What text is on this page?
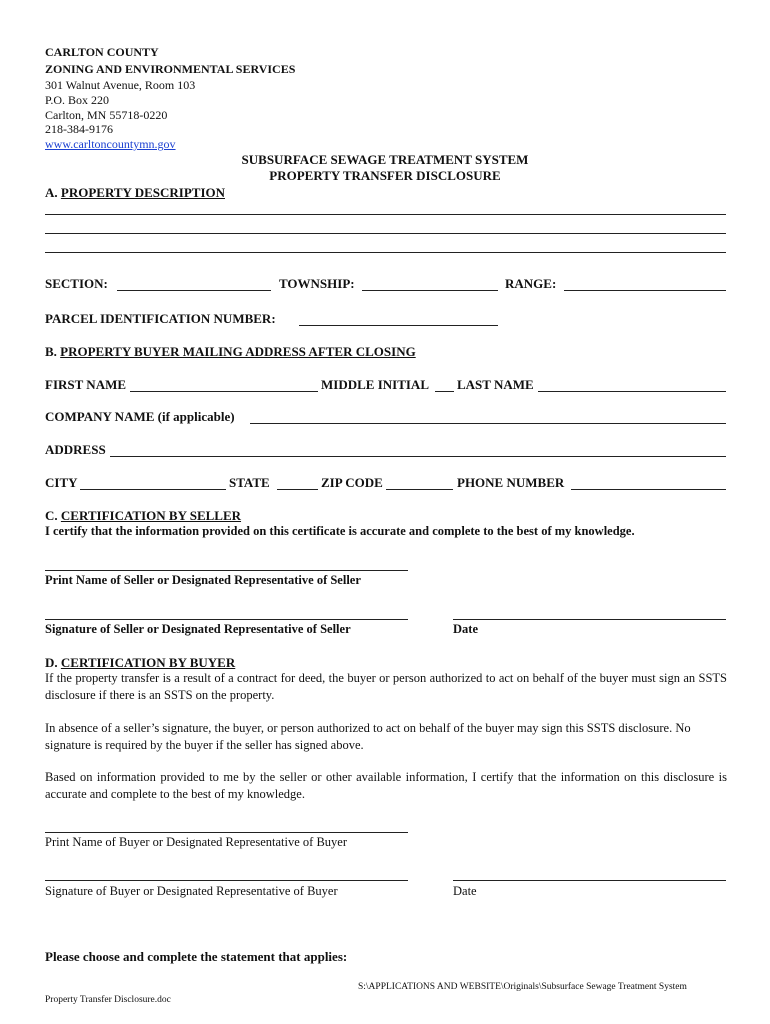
CARLTON COUNTY
ZONING AND ENVIRONMENTAL SERVICES
301 Walnut Avenue, Room 103
P.O. Box 220
Carlton, MN 55718-0220
218-384-9176
www.carltoncountymn.gov
SUBSURFACE SEWAGE TREATMENT SYSTEM
PROPERTY TRANSFER DISCLOSURE
A. PROPERTY DESCRIPTION
SECTION:	TOWNSHIP:	RANGE:
PARCEL IDENTIFICATION NUMBER:
B. PROPERTY BUYER MAILING ADDRESS AFTER CLOSING
FIRST NAME	MIDDLE INITIAL LAST NAME
COMPANY NAME (if applicable)
ADDRESS
CITY	STATE	ZIP CODE	PHONE NUMBER
C. CERTIFICATION BY SELLER
I certify that the information provided on this certificate is accurate and complete to the best of my knowledge.
Print Name of Seller or Designated Representative of Seller
Signature of Seller or Designated Representative of Seller	Date
D. CERTIFICATION BY BUYER
If the property transfer is a result of a contract for deed, the buyer or person authorized to act on behalf of the buyer must sign an SSTS disclosure if there is an SSTS on the property.
In absence of a seller’s signature, the buyer, or person authorized to act on behalf of the buyer may sign this SSTS disclosure. No signature is required by the buyer if the seller has signed above.
Based on information provided to me by the seller or other available information, I certify that the information on this disclosure is accurate and complete to the best of my knowledge.
Print Name of Buyer or Designated Representative of Buyer
Signature of Buyer or Designated Representative of Buyer	Date
Please choose and complete the statement that applies:
S:\APPLICATIONS AND WEBSITE\Originals\Subsurface Sewage Treatment System
Property Transfer Disclosure.doc
